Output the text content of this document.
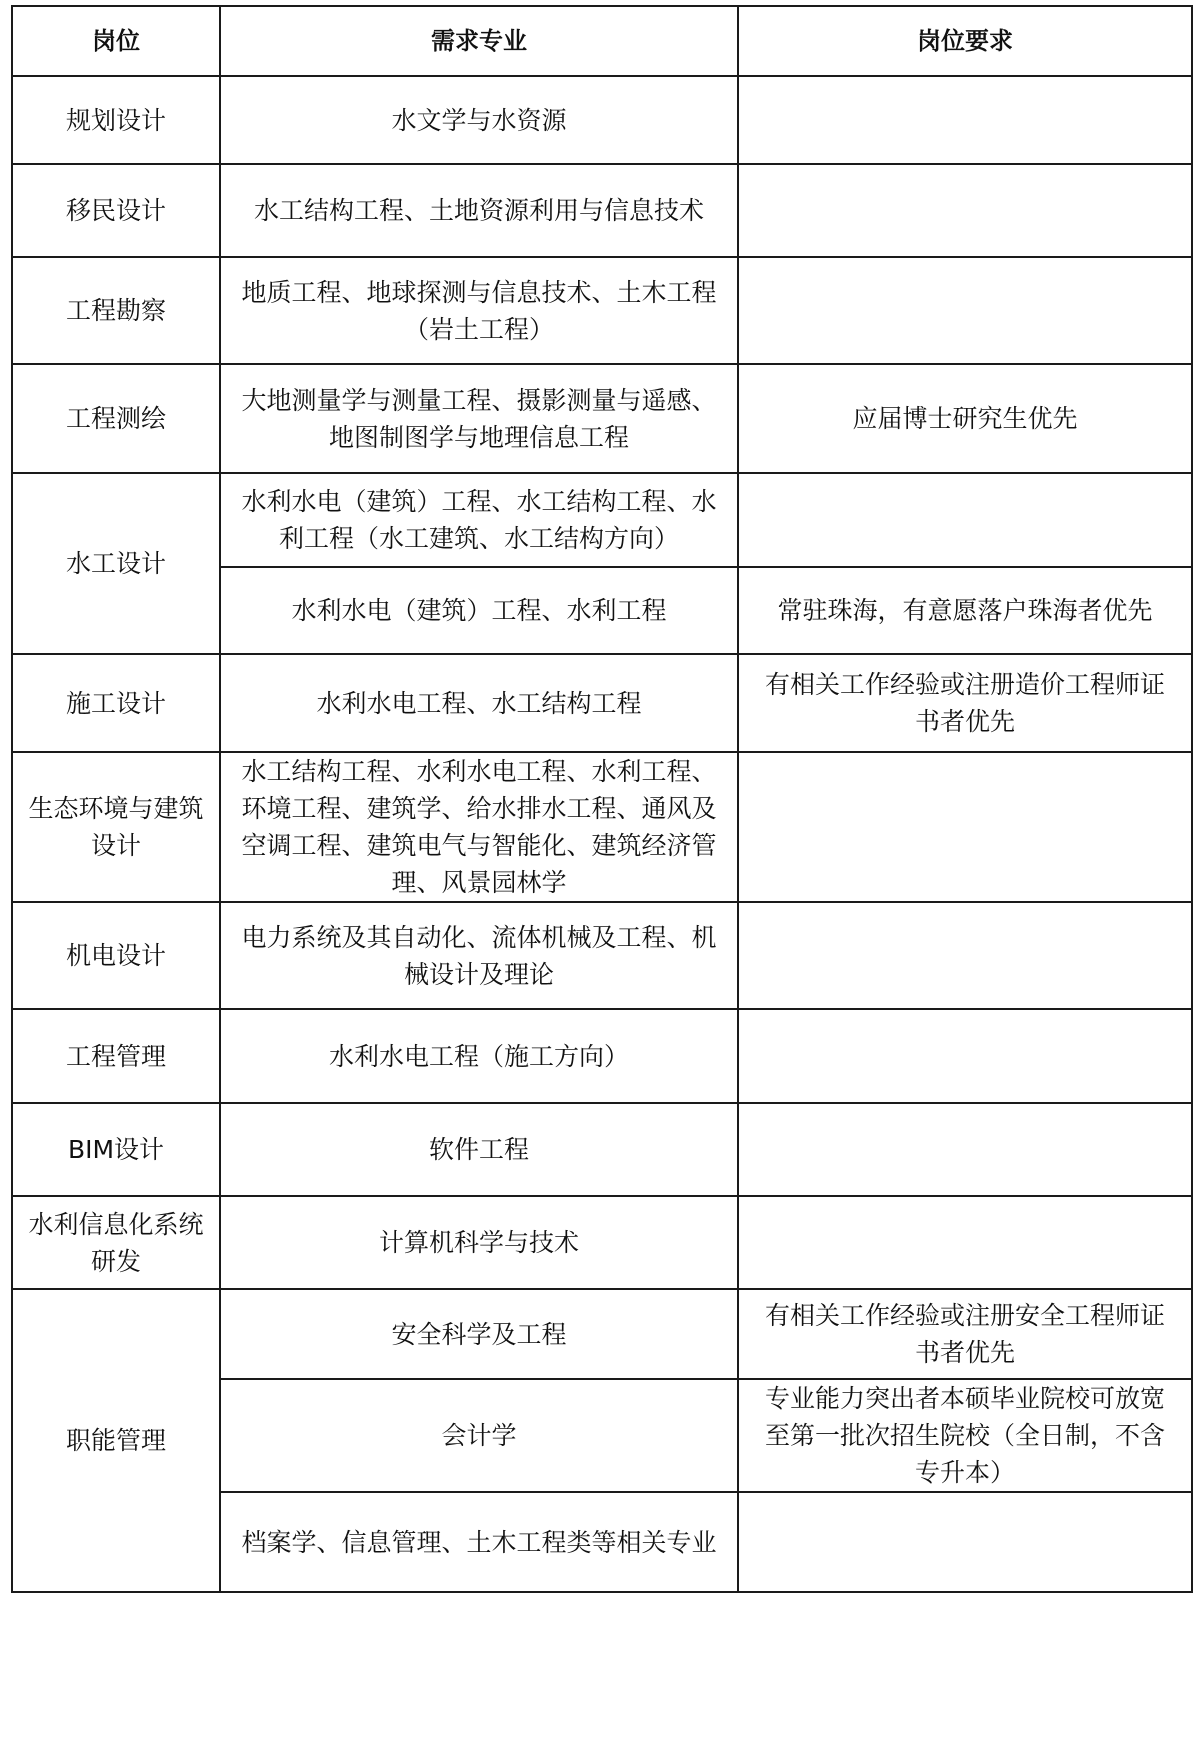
岗位	需求专业	岗位要求
规划设计	水文学与水资源	
移民设计	水工结构工程、土地资源利用与信息技术	
工程勘察	地质工程、地球探测与信息技术、土木工程（岩土工程）	
工程测绘	大地测量学与测量工程、摄影测量与遥感、地图制图学与地理信息工程	应届博士研究生优先
水工设计	水利水电（建筑）工程、水工结构工程、水利工程（水工建筑、水工结构方向）	
	水利水电（建筑）工程、水利工程	常驻珠海，有意愿落户珠海者优先
施工设计	水利水电工程、水工结构工程	有相关工作经验或注册造价工程师证书者优先
生态环境与建筑设计	水工结构工程、水利水电工程、水利工程、环境工程、建筑学、给水排水工程、通风及空调工程、建筑电气与智能化、建筑经济管理、风景园林学	
机电设计	电力系统及其自动化、流体机械及工程、机械设计及理论	
工程管理	水利水电工程（施工方向）	
BIM设计	软件工程	
水利信息化系统研发	计算机科学与技术	
职能管理	安全科学及工程	有相关工作经验或注册安全工程师证书者优先
	会计学	专业能力突出者本硕毕业院校可放宽至第一批次招生院校（全日制，不含专升本）
	档案学、信息管理、土木工程类等相关专业	
